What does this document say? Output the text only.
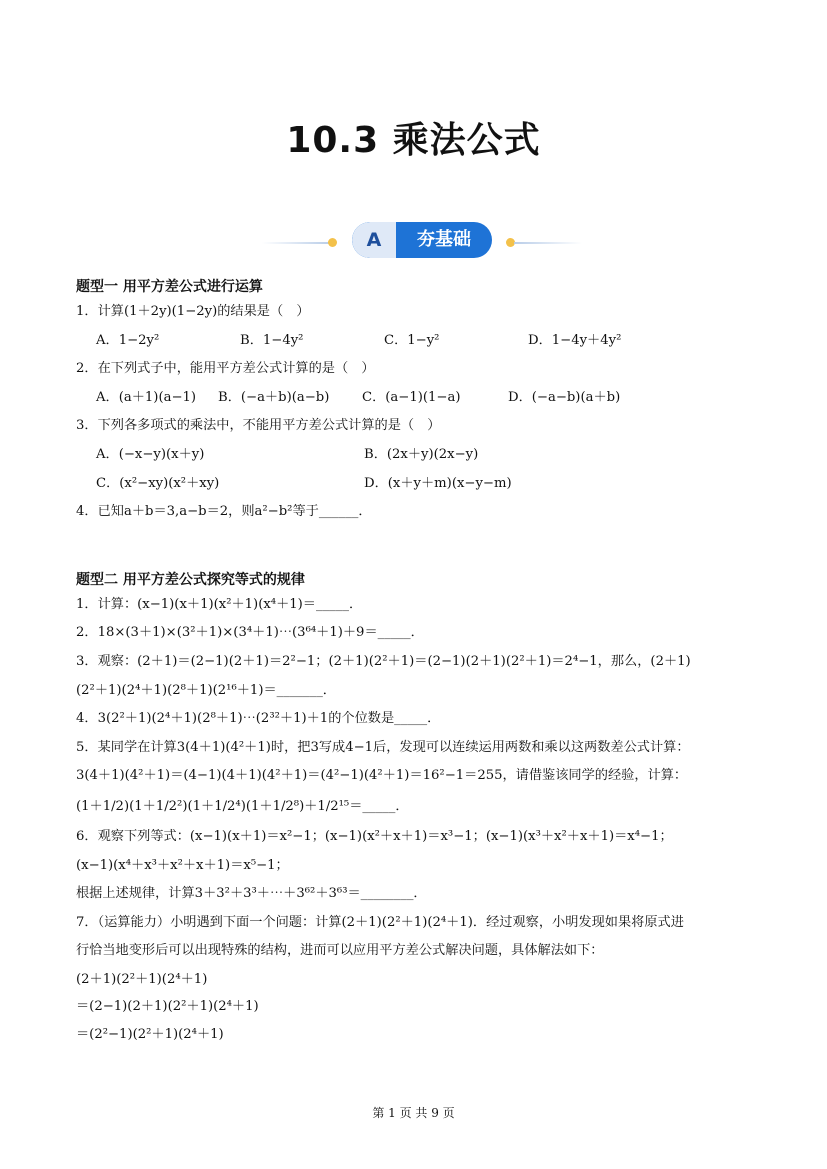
10.3 乘法公式
A	夯基础
题型一 用平方差公式进行运算
1．计算(1＋2y)(1−2y)的结果是（　）
A．1−2y²	B．1−4y²	C．1−y²	D．1−4y＋4y²
2．在下列式子中，能用平方差公式计算的是（　）
A．(a＋1)(a−1)	B．(−a＋b)(a−b)	C．(a−1)(1−a)	D．(−a−b)(a＋b)
3．下列各多项式的乘法中，不能用平方差公式计算的是（　）
A．(−x−y)(x＋y)	B．(2x＋y)(2x−y)
C．(x²−xy)(x²＋xy)	D．(x＋y＋m)(x−y−m)
4．已知a＋b＝3,a−b＝2，则a²−b²等于______．
题型二 用平方差公式探究等式的规律
1．计算：(x−1)(x＋1)(x²＋1)(x⁴＋1)＝_____．
2．18×(3＋1)×(3²＋1)×(3⁴＋1)⋯(3⁶⁴＋1)＋9＝_____．
3．观察：(2＋1)＝(2−1)(2＋1)＝2²−1；(2＋1)(2²＋1)＝(2−1)(2＋1)(2²＋1)＝2⁴−1，那么，(2＋1)
(2²＋1)(2⁴＋1)(2⁸＋1)(2¹⁶＋1)＝_______．
4．3(2²＋1)(2⁴＋1)(2⁸＋1)⋯(2³²＋1)＋1的个位数是_____．
5．某同学在计算3(4＋1)(4²＋1)时，把3写成4−1后，发现可以连续运用两数和乘以这两数差公式计算：
3(4＋1)(4²＋1)＝(4−1)(4＋1)(4²＋1)＝(4²−1)(4²＋1)＝16²−1＝255，请借鉴该同学的经验，计算：
(1＋1/2)(1＋1/2²)(1＋1/2⁴)(1＋1/2⁸)＋1/2¹⁵＝_____．
6．观察下列等式：(x−1)(x＋1)＝x²−1；(x−1)(x²＋x＋1)＝x³−1；(x−1)(x³＋x²＋x＋1)＝x⁴−1；
(x−1)(x⁴＋x³＋x²＋x＋1)＝x⁵−1；
根据上述规律，计算3＋3²＋3³＋⋯＋3⁶²＋3⁶³＝________．
7．（运算能力）小明遇到下面一个问题：计算(2＋1)(2²＋1)(2⁴＋1)．经过观察，小明发现如果将原式进
行恰当地变形后可以出现特殊的结构，进而可以应用平方差公式解决问题，具体解法如下：
(2＋1)(2²＋1)(2⁴＋1)
＝(2−1)(2＋1)(2²＋1)(2⁴＋1)
＝(2²−1)(2²＋1)(2⁴＋1)
第 1 页 共 9 页
